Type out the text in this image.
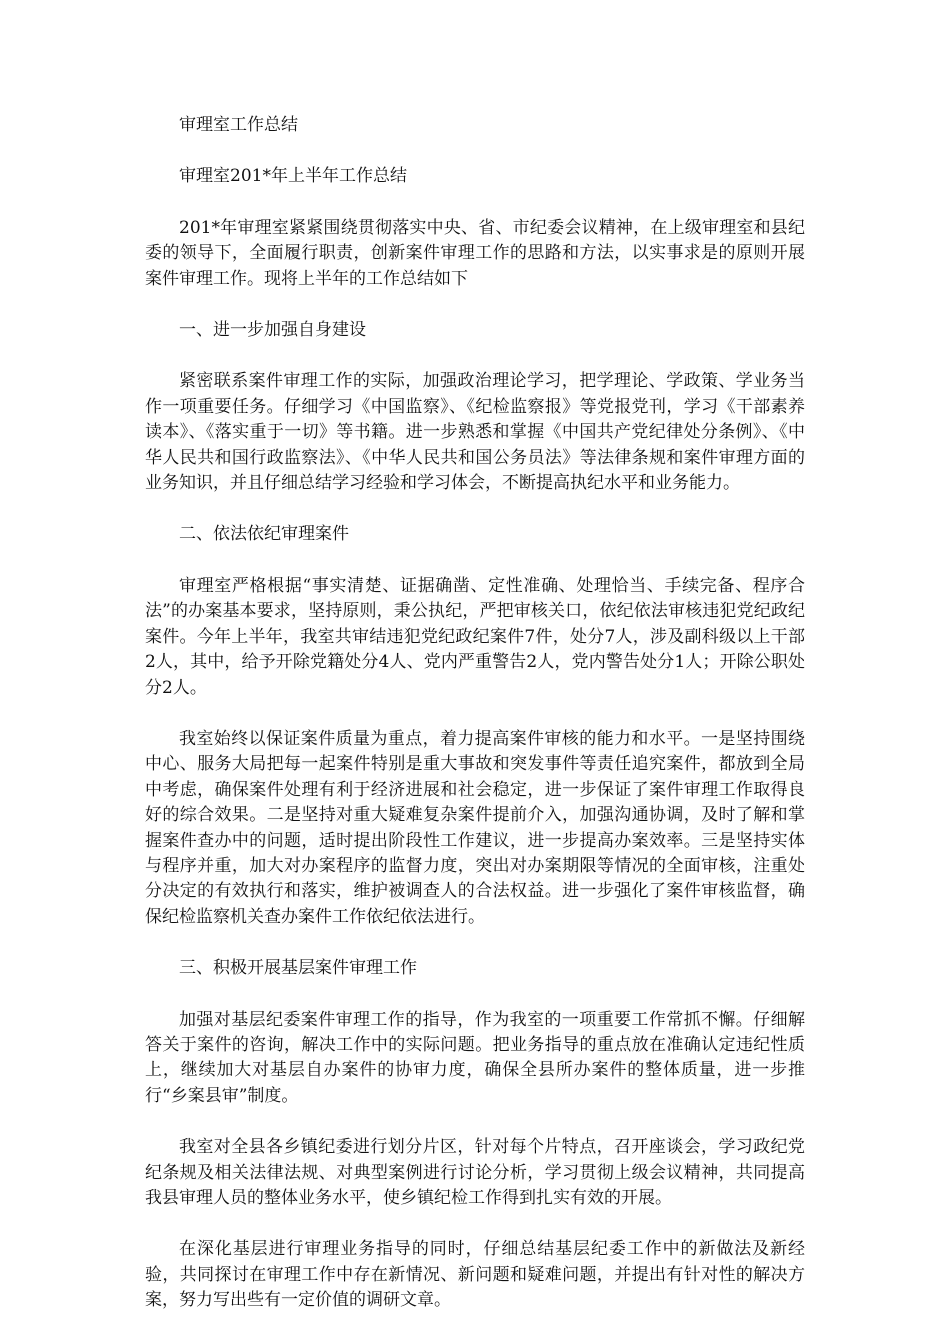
审理室工作总结

审理室201*年上半年工作总结

201*年审理室紧紧围绕贯彻落实中央、省、市纪委会议精神，在上级审理室和县纪委的领导下，全面履行职责，创新案件审理工作的思路和方法，以实事求是的原则开展案件审理工作。现将上半年的工作总结如下

一、进一步加强自身建设

紧密联系案件审理工作的实际，加强政治理论学习，把学理论、学政策、学业务当作一项重要任务。仔细学习《中国监察》、《纪检监察报》等党报党刊，学习《干部素养读本》、《落实重于一切》等书籍。进一步熟悉和掌握《中国共产党纪律处分条例》、《中华人民共和国行政监察法》、《中华人民共和国公务员法》等法律条规和案件审理方面的业务知识，并且仔细总结学习经验和学习体会，不断提高执纪水平和业务能力。

二、依法依纪审理案件

审理室严格根据“事实清楚、证据确凿、定性准确、处理恰当、手续完备、程序合法”的办案基本要求，坚持原则，秉公执纪，严把审核关口，依纪依法审核违犯党纪政纪案件。今年上半年，我室共审结违犯党纪政纪案件7件，处分7人，涉及副科级以上干部2人，其中，给予开除党籍处分4人、党内严重警告2人，党内警告处分1人；开除公职处分2人。

我室始终以保证案件质量为重点，着力提高案件审核的能力和水平。一是坚持围绕中心、服务大局把每一起案件特别是重大事故和突发事件等责任追究案件，都放到全局中考虑，确保案件处理有利于经济进展和社会稳定，进一步保证了案件审理工作取得良好的综合效果。二是坚持对重大疑难复杂案件提前介入，加强沟通协调，及时了解和掌握案件查办中的问题，适时提出阶段性工作建议，进一步提高办案效率。三是坚持实体与程序并重，加大对办案程序的监督力度，突出对办案期限等情况的全面审核，注重处分决定的有效执行和落实，维护被调查人的合法权益。进一步强化了案件审核监督，确保纪检监察机关查办案件工作依纪依法进行。

三、积极开展基层案件审理工作

加强对基层纪委案件审理工作的指导，作为我室的一项重要工作常抓不懈。仔细解答关于案件的咨询，解决工作中的实际问题。把业务指导的重点放在准确认定违纪性质上，继续加大对基层自办案件的协审力度，确保全县所办案件的整体质量，进一步推行“乡案县审”制度。

我室对全县各乡镇纪委进行划分片区，针对每个片特点，召开座谈会，学习政纪党纪条规及相关法律法规、对典型案例进行讨论分析，学习贯彻上级会议精神，共同提高我县审理人员的整体业务水平，使乡镇纪检工作得到扎实有效的开展。

在深化基层进行审理业务指导的同时，仔细总结基层纪委工作中的新做法及新经验，共同探讨在审理工作中存在新情况、新问题和疑难问题，并提出有针对性的解决方案，努力写出些有一定价值的调研文章。
